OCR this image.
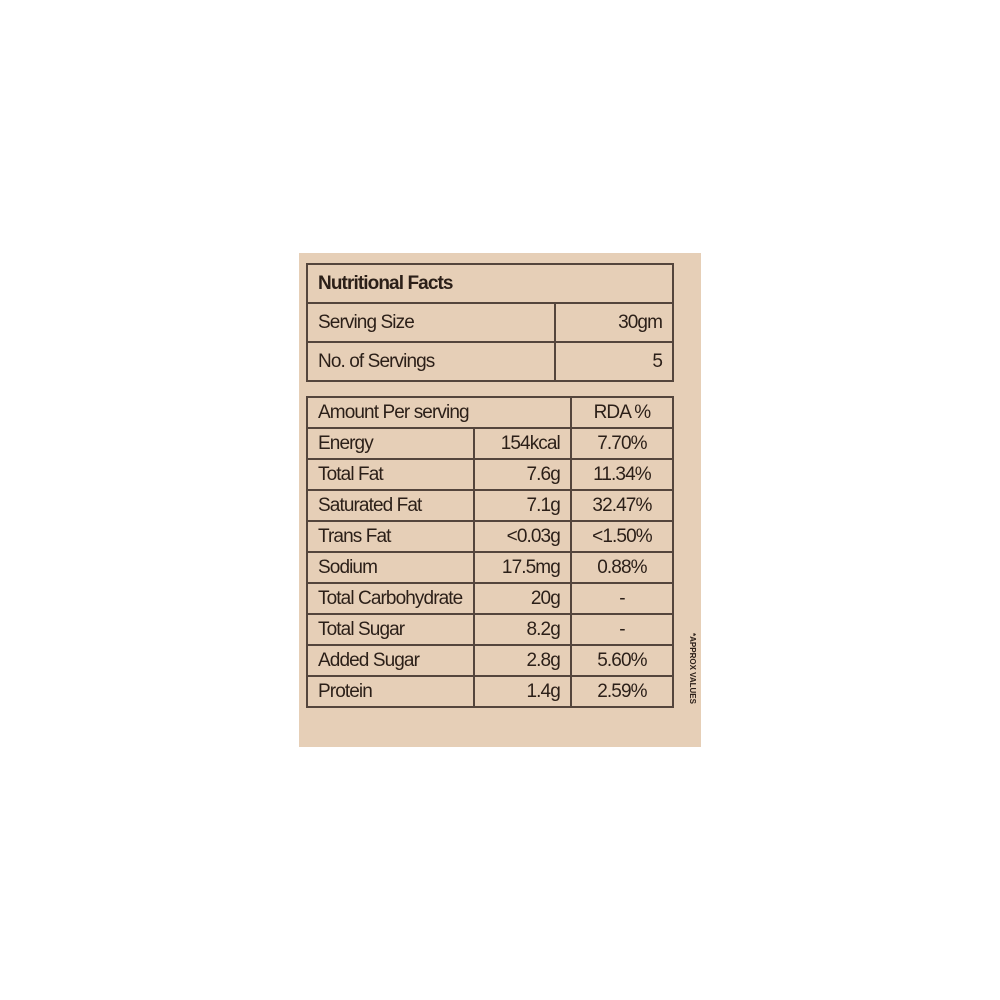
Nutritional Facts	
Serving Size	30gm
No. of Servings	5
Amount Per serving		RDA %
Energy	154kcal	7.70%
Total Fat	7.6g	11.34%
Saturated Fat	7.1g	32.47%
Trans Fat	<0.03g	<1.50%
Sodium	17.5mg	0.88%
Total Carbohydrate	20g	-
Total Sugar	8.2g	-
Added Sugar	2.8g	5.60%
Protein	1.4g	2.59%	*APPROX VALUES
